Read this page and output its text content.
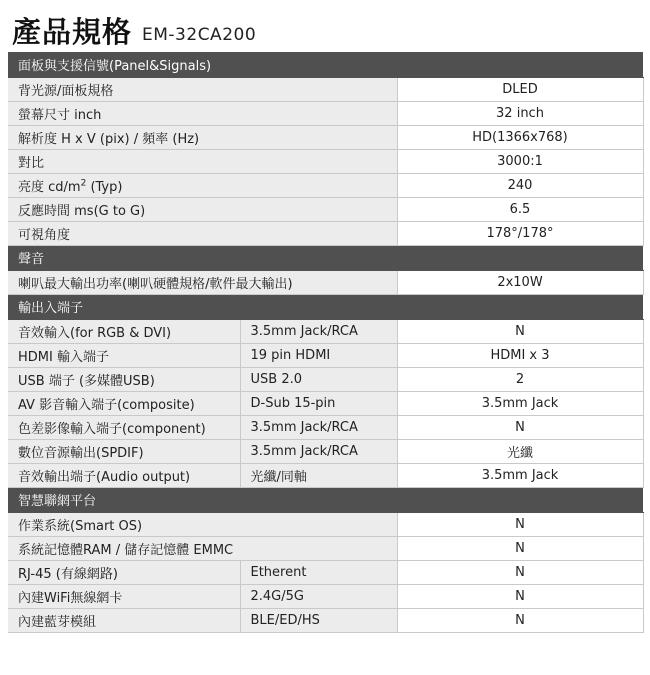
產品規格 EM-32CA200
面板與支援信號(Panel&Signals)		
背光源/面板規格		DLED
螢幕尺寸 inch		32 inch
解析度 H x V (pix) / 頻率 (Hz)		HD(1366x768)
對比		3000:1
亮度 $cd/m^2$ (Typ)		240
反應時間 ms(G to G)		6.5
可視角度		178°/178°
聲音		
喇叭最大輸出功率(喇叭硬體規格/軟件最大輸出)		2x10W
輸出入端子		
音效輸入(for RGB & DVI)	3.5mm Jack/RCA	N
HDMI 輸入端子	19 pin HDMI	HDMI x 3
USB 端子 (多媒體USB)	USB 2.0	2
AV 影音輸入端子(composite)	D-Sub 15-pin	3.5mm Jack
色差影像輸入端子(component)	3.5mm Jack/RCA	N
數位音源輸出(SPDIF)	3.5mm Jack/RCA	光纖
音效輸出端子(Audio output)	光纖/同軸	3.5mm Jack
智慧聯網平台		
作業系統(Smart OS)		N
系統記憶體RAM / 儲存記憶體 EMMC		N
RJ-45 (有線網路)	Etherent	N
內建WiFi無線網卡	2.4G/5G	N
內建藍芽模組	BLE/ED/HS	N
